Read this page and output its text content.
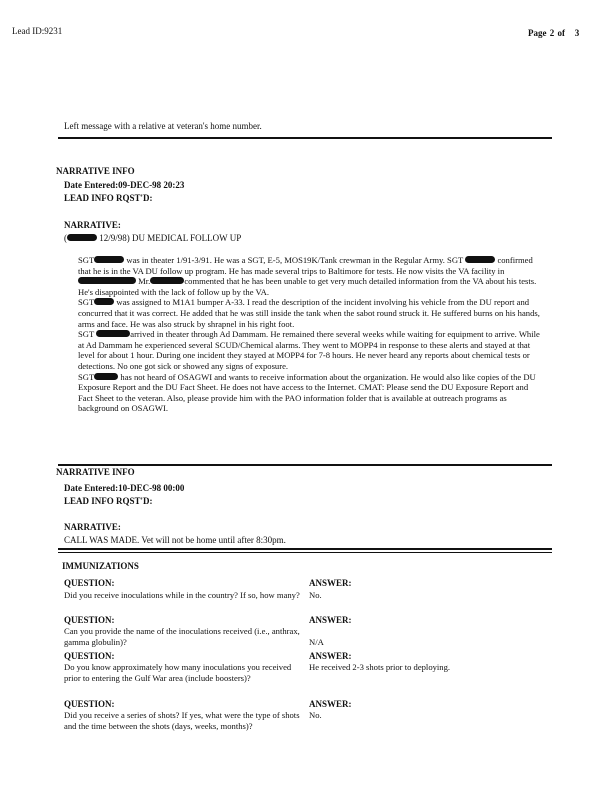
Lead ID:9231	Page 2 of 3
Left message with a relative at veteran's home number.
NARRATIVE INFO
Date Entered:09-DEC-98 20:23
LEAD INFO RQST'D:
NARRATIVE:
(	12/9/98) DU MEDICAL FOLLOW UP

SGT	was in theater 1/91-3/91. He was a SGT, E-5, MOS19K/Tank crewman in the Regular Army. SGT	confirmed that he is in the VA DU follow up program. He has made several trips to Baltimore for tests. He now visits the VA facility in  Mr.	commented that he has been unable to get very much detailed information from the VA about his tests. He's disappointed with the lack of follow up by the VA.

SGT	was assigned to M1A1 bumper A-33. I read the description of the incident involving his vehicle from the DU report and concurred that it was correct. He added that he was still inside the tank when the sabot round struck it. He suffered burns on his hands, arms and face. He was also struck by shrapnel in his right foot.

SGT	arrived in theater through Ad Dammam. He remained there several weeks while waiting for equipment to arrive. While at Ad Dammam he experienced several SCUD/Chemical alarms. They went to MOPP4 in response to these alerts and stayed at that level for about 1 hour. During one incident they stayed at MOPP4 for 7-8 hours. He never heard any reports about chemical tests or detections. No one got sick or showed any signs of exposure.

SGT	has not heard of OSAGWI and wants to receive information about the organization. He would also like copies of the DU Exposure Report and the DU Fact Sheet. He does not have access to the Internet. CMAT: Please send the DU Exposure Report and Fact Sheet to the veteran. Also, please provide him with the PAO information folder that is available at outreach programs as background on OSAGWI.

NARRATIVE INFO
Date Entered:10-DEC-98 00:00
LEAD INFO RQST'D:
NARRATIVE:
CALL WAS MADE. Vet will not be home until after 8:30pm.
IMMUNIZATIONS
QUESTION:	ANSWER:
Did you receive inoculations while in the country? If so, how many? No.
QUESTION:	ANSWER:
Can you provide the name of the inoculations received (i.e., anthrax, gamma globulin)?	N/A
QUESTION:	ANSWER:
Do you know approximately how many inoculations you received prior to entering the Gulf War area (include boosters)?
He received 2-3 shots prior to deploying.
QUESTION:	ANSWER:
Did you receive a series of shots? If yes, what were the type of shots and the time between the shots (days, weeks, months)?
No.
